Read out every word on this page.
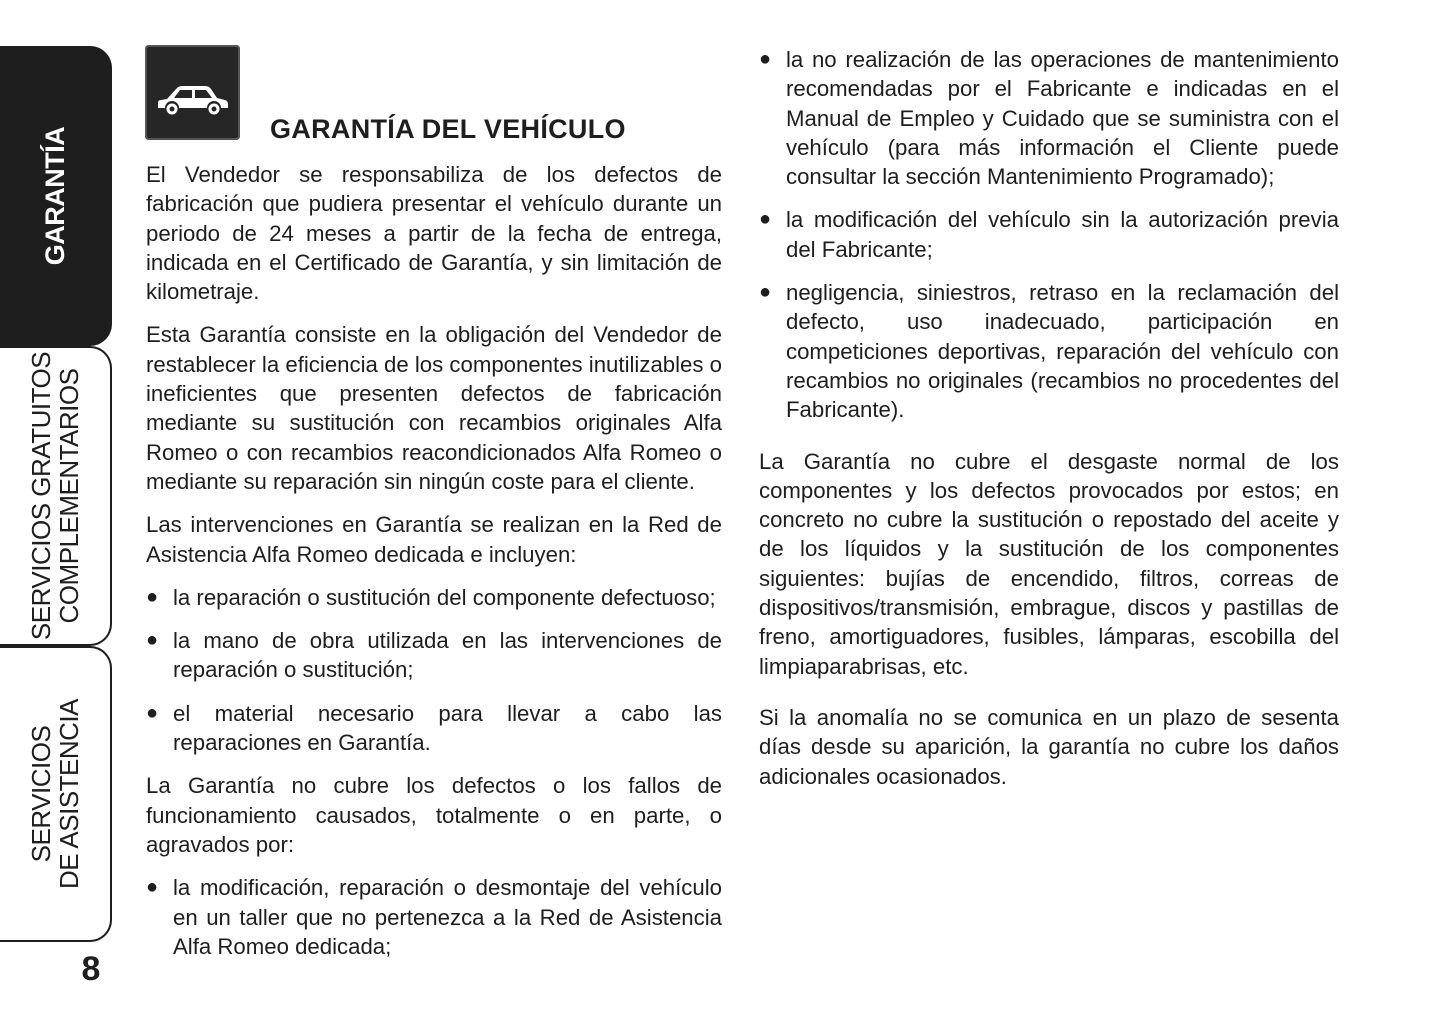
GARANTÍA
SERVICIOS GRATUITOS
COMPLEMENTARIOS
SERVICIOS
DE ASISTENCIA
8
GARANTÍA DEL VEHÍCULO

El Vendedor se responsabiliza de los defectos de fabricación que pudiera presentar el vehículo durante un periodo de 24 meses a partir de la fecha de entrega, indicada en el Certificado de Garantía, y sin limitación de kilometraje.

Esta Garantía consiste en la obligación del Vendedor de restablecer la eficiencia de los componentes inutilizables o ineficientes que presenten defectos de fabricación mediante su sustitución con recambios originales Alfa Romeo o con recambios reacondicionados Alfa Romeo o mediante su reparación sin ningún coste para el cliente.

Las intervenciones en Garantía se realizan en la Red de Asistencia Alfa Romeo dedicada e incluyen:

● la reparación o sustitución del componente defectuoso;
● la mano de obra utilizada en las intervenciones de reparación o sustitución;
● el material necesario para llevar a cabo las reparaciones en Garantía.

La Garantía no cubre los defectos o los fallos de funcionamiento causados, totalmente o en parte, o agravados por:

● la modificación, reparación o desmontaje del vehículo en un taller que no pertenezca a la Red de Asistencia Alfa Romeo dedicada;
● la no realización de las operaciones de mantenimiento recomendadas por el Fabricante e indicadas en el Manual de Empleo y Cuidado que se suministra con el vehículo (para más información el Cliente puede consultar la sección Mantenimiento Programado);
● la modificación del vehículo sin la autorización previa del Fabricante;
● negligencia, siniestros, retraso en la reclamación del defecto, uso inadecuado, participación en competiciones deportivas, reparación del vehículo con recambios no originales (recambios no procedentes del Fabricante).

La Garantía no cubre el desgaste normal de los componentes y los defectos provocados por estos; en concreto no cubre la sustitución o repostado del aceite y de los líquidos y la sustitución de los componentes siguientes: bujías de encendido, filtros, correas de dispositivos/transmisión, embrague, discos y pastillas de freno, amortiguadores, fusibles, lámparas, escobilla del limpiaparabrisas, etc.

Si la anomalía no se comunica en un plazo de sesenta días desde su aparición, la garantía no cubre los daños adicionales ocasionados.
